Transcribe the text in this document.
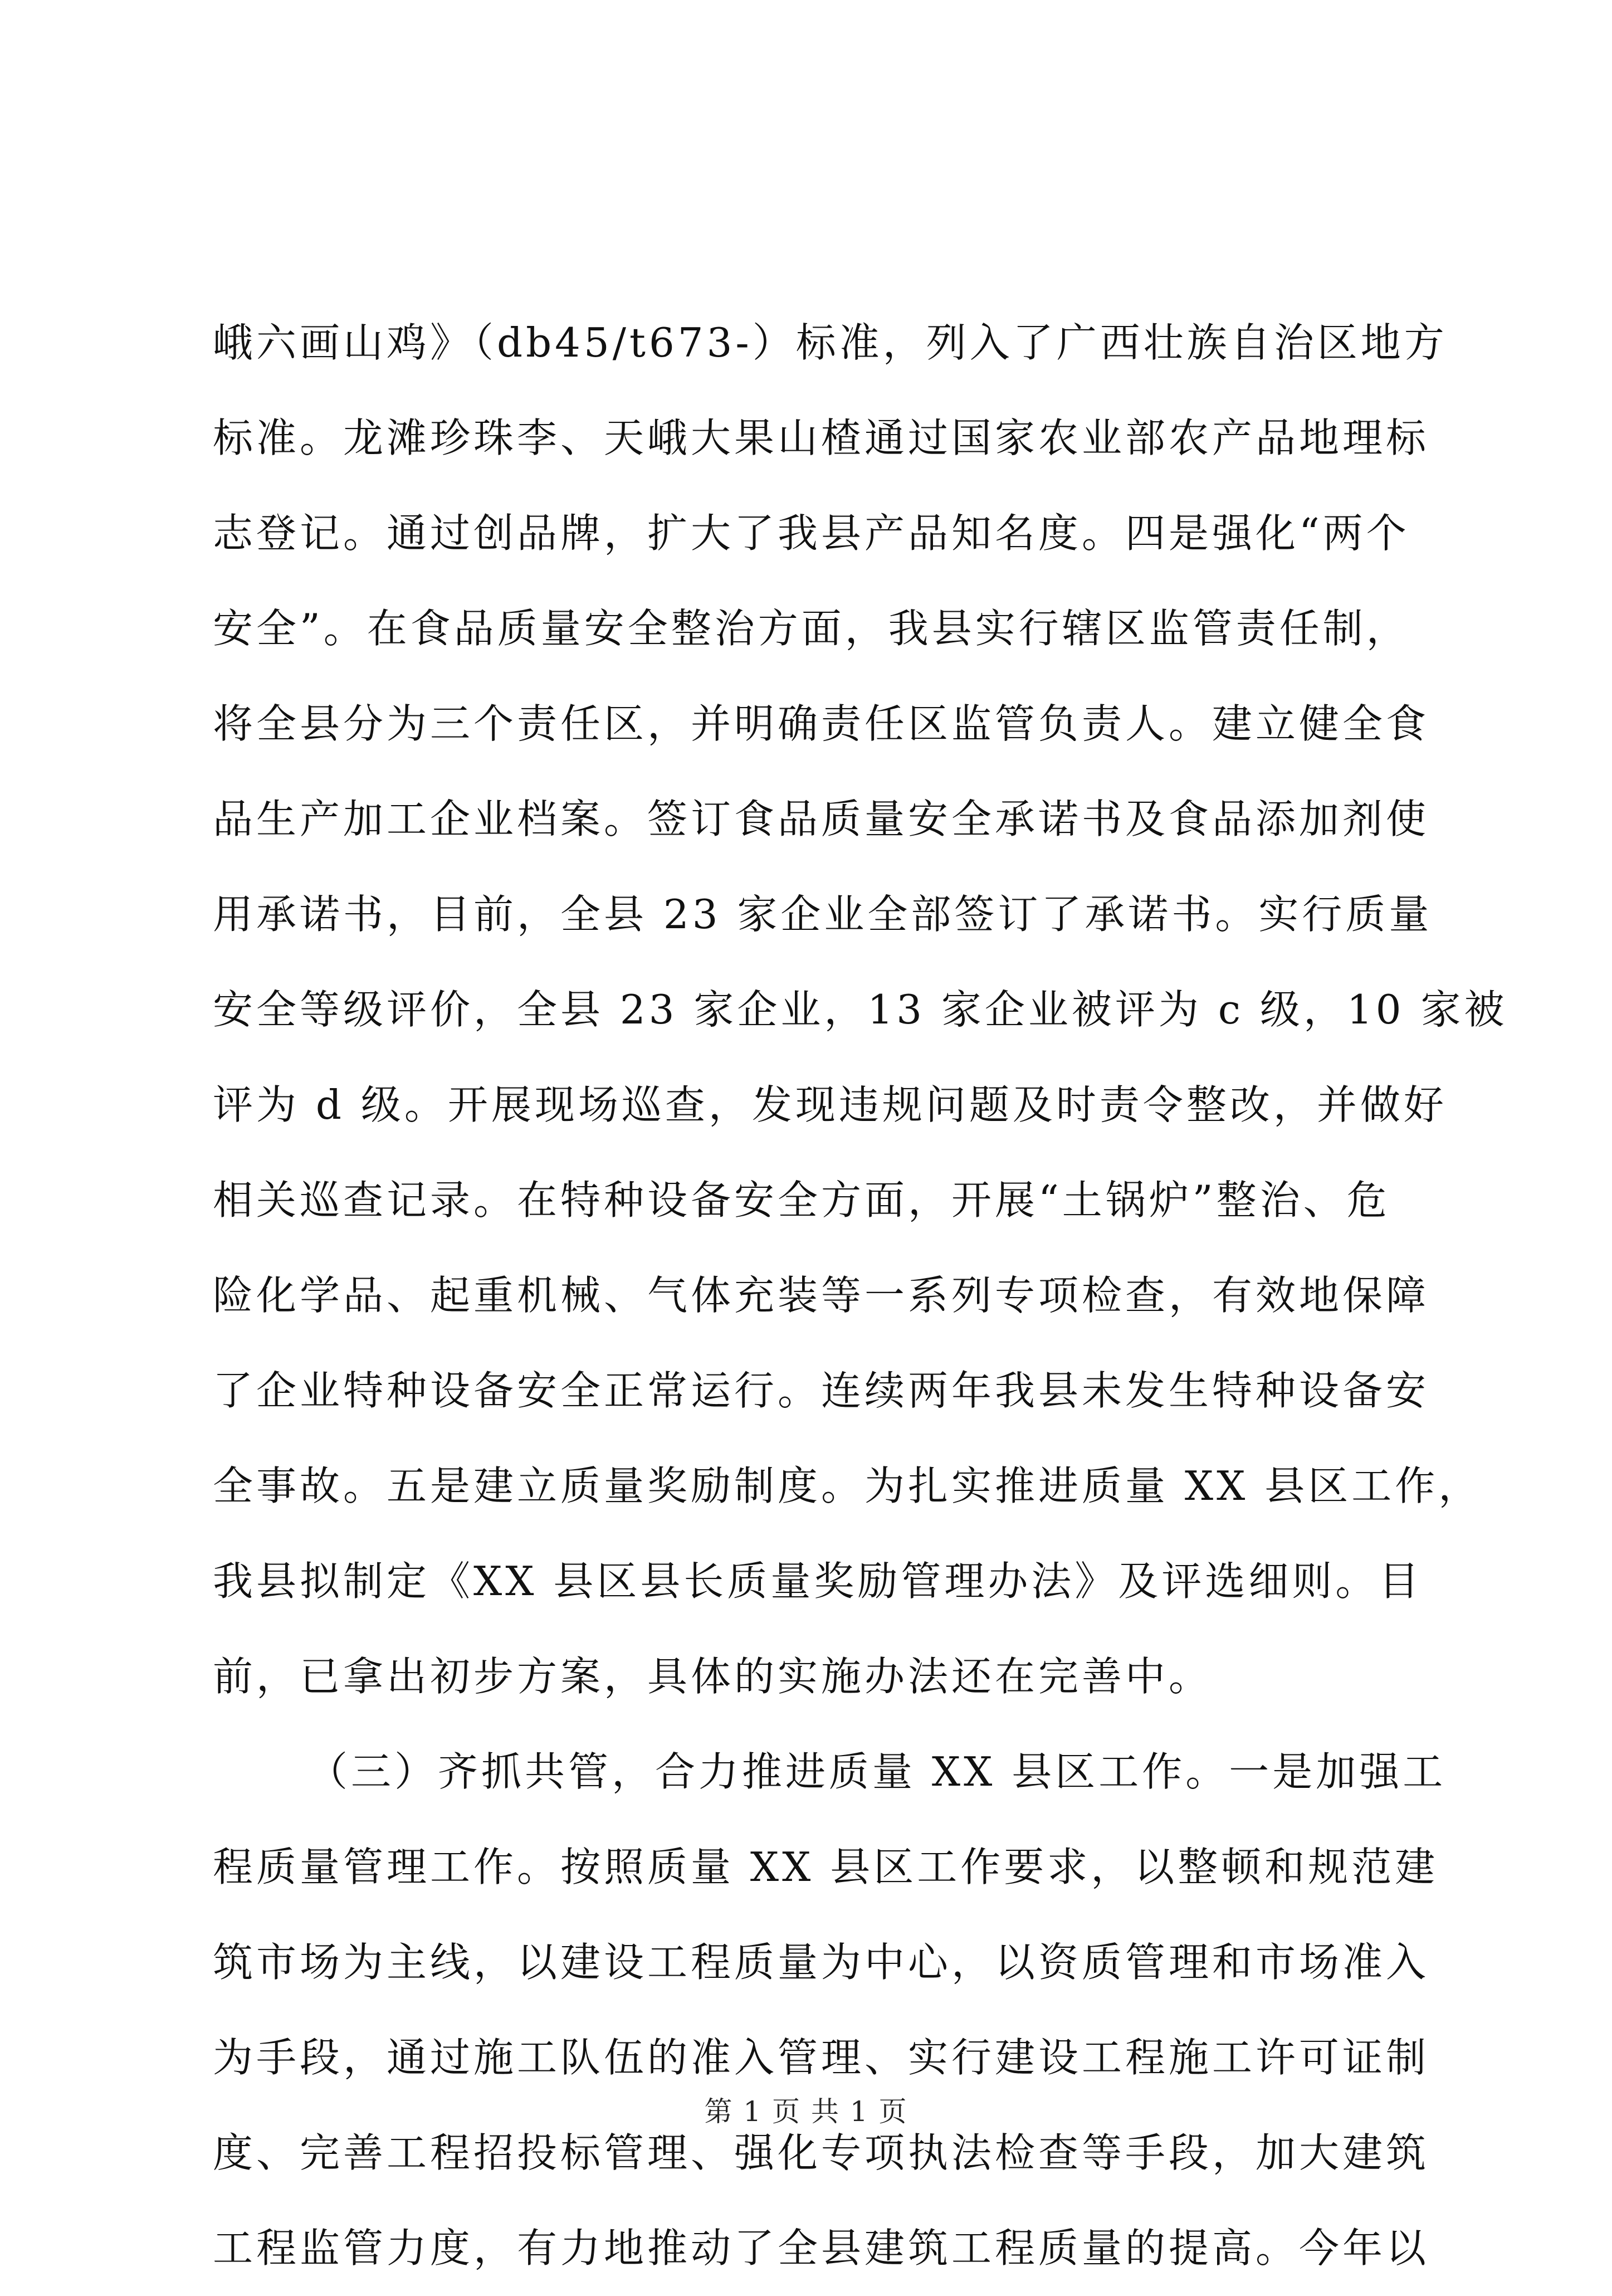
峨六画山鸡》（db45/t673-）标准，列入了广西壮族自治区地方
标准。龙滩珍珠李、天峨大果山楂通过国家农业部农产品地理标
志登记。通过创品牌，扩大了我县产品知名度。四是强化“两个
安全”。在食品质量安全整治方面，我县实行辖区监管责任制，
将全县分为三个责任区，并明确责任区监管负责人。建立健全食
品生产加工企业档案。签订食品质量安全承诺书及食品添加剂使
用承诺书，目前，全县 23 家企业全部签订了承诺书。实行质量
安全等级评价，全县 23 家企业，13 家企业被评为 c 级，10 家被
评为 d 级。开展现场巡查，发现违规问题及时责令整改，并做好
相关巡查记录。在特种设备安全方面，开展“土锅炉”整治、危
险化学品、起重机械、气体充装等一系列专项检查，有效地保障
了企业特种设备安全正常运行。连续两年我县未发生特种设备安
全事故。五是建立质量奖励制度。为扎实推进质量 XX 县区工作，
我县拟制定《XX 县区县长质量奖励管理办法》及评选细则。目
前，已拿出初步方案，具体的实施办法还在完善中。
（三）齐抓共管，合力推进质量 XX 县区工作。一是加强工
程质量管理工作。按照质量 XX 县区工作要求，以整顿和规范建
筑市场为主线，以建设工程质量为中心，以资质管理和市场准入
为手段，通过施工队伍的准入管理、实行建设工程施工许可证制
度、完善工程招投标管理、强化专项执法检查等手段，加大建筑
工程监管力度，有力地推动了全县建筑工程质量的提高。今年以
第 1 页 共 1 页
